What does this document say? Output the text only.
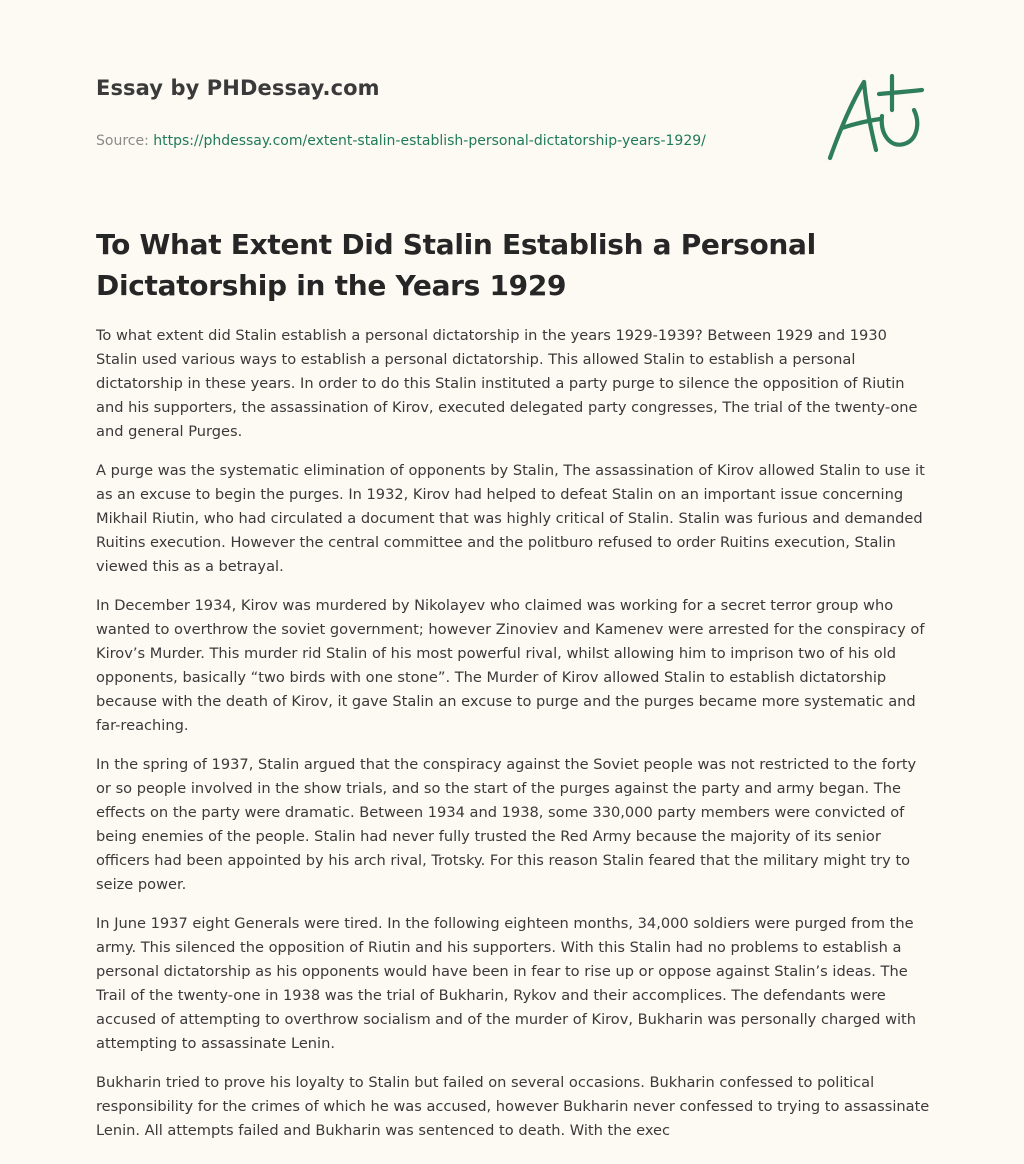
Essay by PHDessay.com
Source: https://phdessay.com/extent-stalin-establish-personal-dictatorship-years-1929/
To What Extent Did Stalin Establish a Personal Dictatorship in the Years 1929

To what extent did Stalin establish a personal dictatorship in the years 1929-1939? Between 1929 and 1930 Stalin used various ways to establish a personal dictatorship. This allowed Stalin to establish a personal dictatorship in these years. In order to do this Stalin instituted a party purge to silence the opposition of Riutin and his supporters, the assassination of Kirov, executed delegated party congresses, The trial of the twenty-one and general Purges.

A purge was the systematic elimination of opponents by Stalin, The assassination of Kirov allowed Stalin to use it as an excuse to begin the purges. In 1932, Kirov had helped to defeat Stalin on an important issue concerning Mikhail Riutin, who had circulated a document that was highly critical of Stalin. Stalin was furious and demanded Ruitins execution. However the central committee and the politburo refused to order Ruitins execution, Stalin viewed this as a betrayal.

In December 1934, Kirov was murdered by Nikolayev who claimed was working for a secret terror group who wanted to overthrow the soviet government; however Zinoviev and Kamenev were arrested for the conspiracy of Kirov’s Murder. This murder rid Stalin of his most powerful rival, whilst allowing him to imprison two of his old opponents, basically “two birds with one stone”. The Murder of Kirov allowed Stalin to establish dictatorship because with the death of Kirov, it gave Stalin an excuse to purge and the purges became more systematic and far-reaching.

In the spring of 1937, Stalin argued that the conspiracy against the Soviet people was not restricted to the forty or so people involved in the show trials, and so the start of the purges against the party and army began. The effects on the party were dramatic. Between 1934 and 1938, some 330,000 party members were convicted of being enemies of the people. Stalin had never fully trusted the Red Army because the majority of its senior officers had been appointed by his arch rival, Trotsky. For this reason Stalin feared that the military might try to seize power.

In June 1937 eight Generals were tired. In the following eighteen months, 34,000 soldiers were purged from the army. This silenced the opposition of Riutin and his supporters. With this Stalin had no problems to establish a personal dictatorship as his opponents would have been in fear to rise up or oppose against Stalin’s ideas. The Trail of the twenty-one in 1938 was the trial of Bukharin, Rykov and their accomplices. The defendants were accused of attempting to overthrow socialism and of the murder of Kirov, Bukharin was personally charged with attempting to assassinate Lenin.

Bukharin tried to prove his loyalty to Stalin but failed on several occasions. Bukharin confessed to political responsibility for the crimes of which he was accused, however Bukharin never confessed to trying to assassinate Lenin. All attempts failed and Bukharin was sentenced to death. With the exec
